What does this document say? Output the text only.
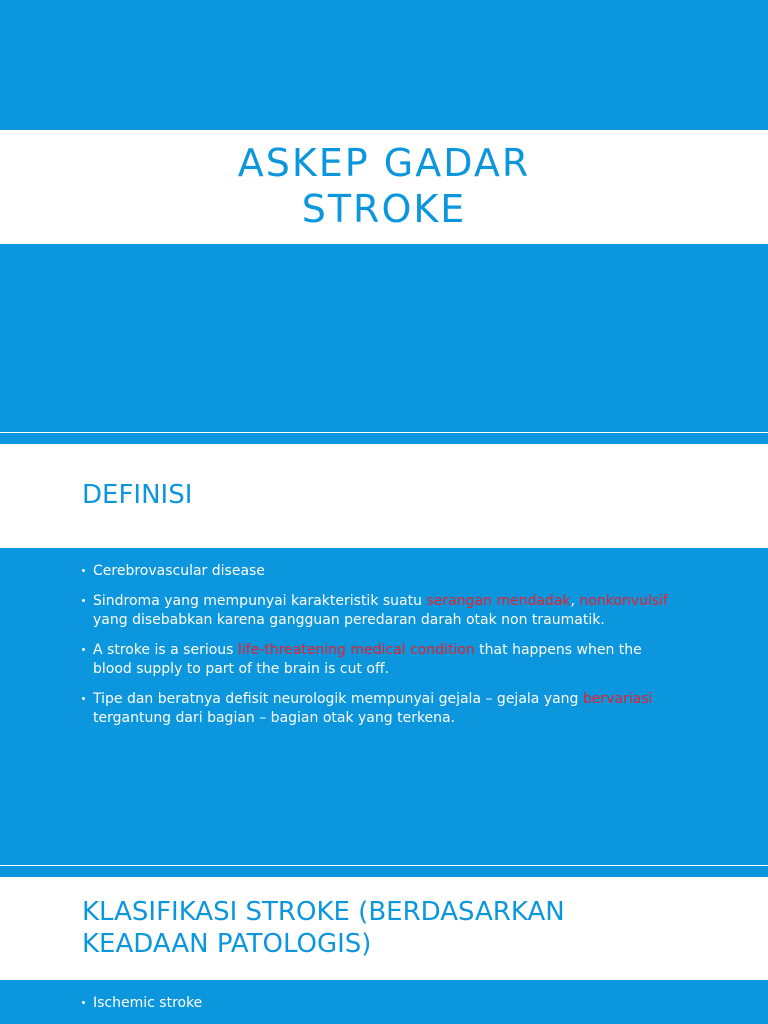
ASKEP GADAR
STROKE
DEFINISI
Cerebrovascular disease
Sindroma yang mempunyai karakteristik suatu serangan mendadak, nonkonvulsif yang disebabkan karena gangguan peredaran darah otak non traumatik.
A stroke is a serious life-threatening medical condition that happens when the blood supply to part of the brain is cut off.
Tipe dan beratnya defisit neurologik mempunyai gejala – gejala yang bervariasi tergantung dari bagian – bagian otak yang terkena.
KLASIFIKASI STROKE (BERDASARKAN
KEADAAN PATOLOGIS)
Ischemic stroke
